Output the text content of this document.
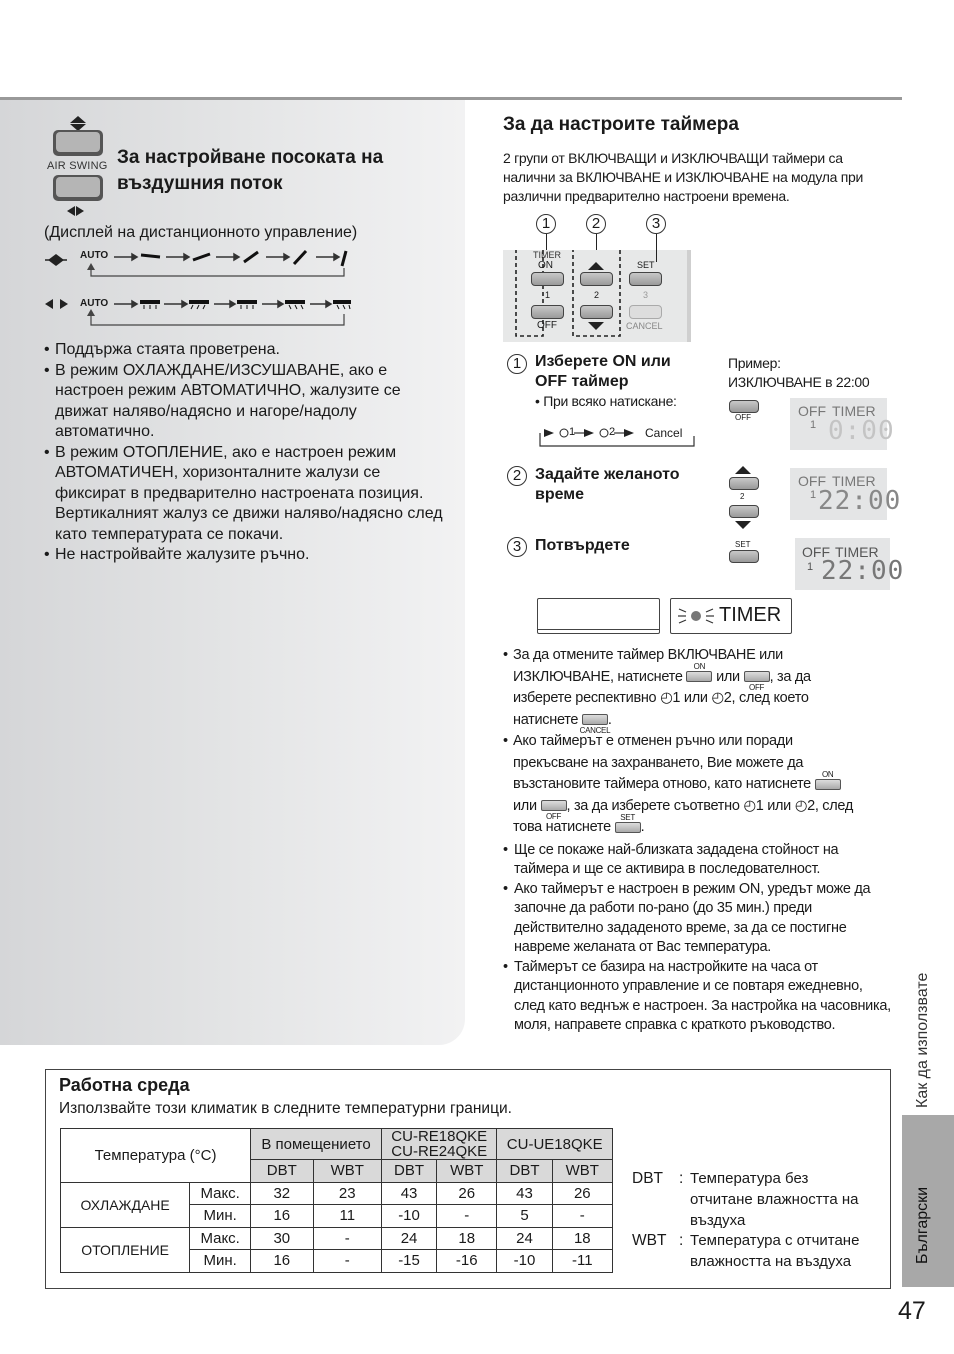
AIR SWING За настройване посоката на
въздушния поток
(Дисплей на дистанционното управление)
AUTO
AUTO
• Поддържа стаята проветрена.
• В режим ОХЛАЖДАНЕ/ИЗСУШАВАНЕ, ако е настроен режим АВТОМАТИЧНО, жалузите се движат наляво/надясно и нагоре/надолу автоматично.
• В режим ОТОПЛЕНИЕ, ако е настроен режим АВТОМАТИЧЕН, хоризонталните жалузи се фиксират в предварително настроената позиция. Вертикалният жалуз се движи наляво/надясно след като температурата се покачи.
• Не настройвайте жалузите ръчно.
За да настроите таймера
2 групи от ВКЛЮЧВАЩИ и ИЗКЛЮЧВАЩИ таймери са налични за ВКЛЮЧВАНЕ и ИЗКЛЮЧВАНЕ на модула при различни предварително настроени времена.
1	2	3
TIMER
ON
1
OFF
2
SET
3
CANCEL
1 Изберете ON или
OFF таймер
• При всяко натискане:
1	2 Cancel
Пример:
ИЗКЛЮЧВАНЕ в 22:00
OFF	OFF TIMER
1 0:00
2 Задайте желаното
време	2
OFF TIMER
1 22:00
3 Потвърдете	SET	OFF TIMER
1 22:00
TIMER
• За да отмените таймер ВКЛЮЧВАНЕ или
ИЗКЛЮЧВАНЕ, натиснете
ON
или
OFF
, за да
изберете респективно ◴1 или ◴2, след което
натиснете
CANCEL
.
• Ако таймерът е отменен ръчно или поради
прекъсване на захранването, Вие можете да
възстановите таймера отново, като натиснете
ON
или
OFF
, за да изберете съответно ◴1 или ◴2, след
това натиснете
SET
.
• Ще се покаже най-близката зададена стойност на таймера и ще се активира в последователност.
• Ако таймерът е настроен в режим ON, уредът може да започне да работи по-рано (до 35 мин.) преди действително зададеното време, за да се постигне навреме желаната от Вас температура.
• Таймерът се базира на настройките на часа от дистанционното управление и се повтаря ежедневно, след като веднъж е настроен. За настройка на часовника, моля, направете справка с краткото ръководство.
Работна среда
Използвайте този климатик в следните температурни граници.
Температура (°C)		В помещението		CU-RE18QKE
CU-RE24QKE		CU-UE18QKE	
		DBT	WBT	DBT	WBT	DBT	WBT
ОХЛАЖДАНЕ	Макс.	32	23	43	26	43	26
	Мин.	16	11	-10	-	5	-
ОТОПЛЕНИЕ	Макс.	30	-	24	18	24	18
	Мин.	16	-	-15	-16	-10	-11
DBT : Температура без
отчитане влажността на
въздуха
WBT : Температура с отчитане
влажността на въздуха
Как да използвате
Български
47
